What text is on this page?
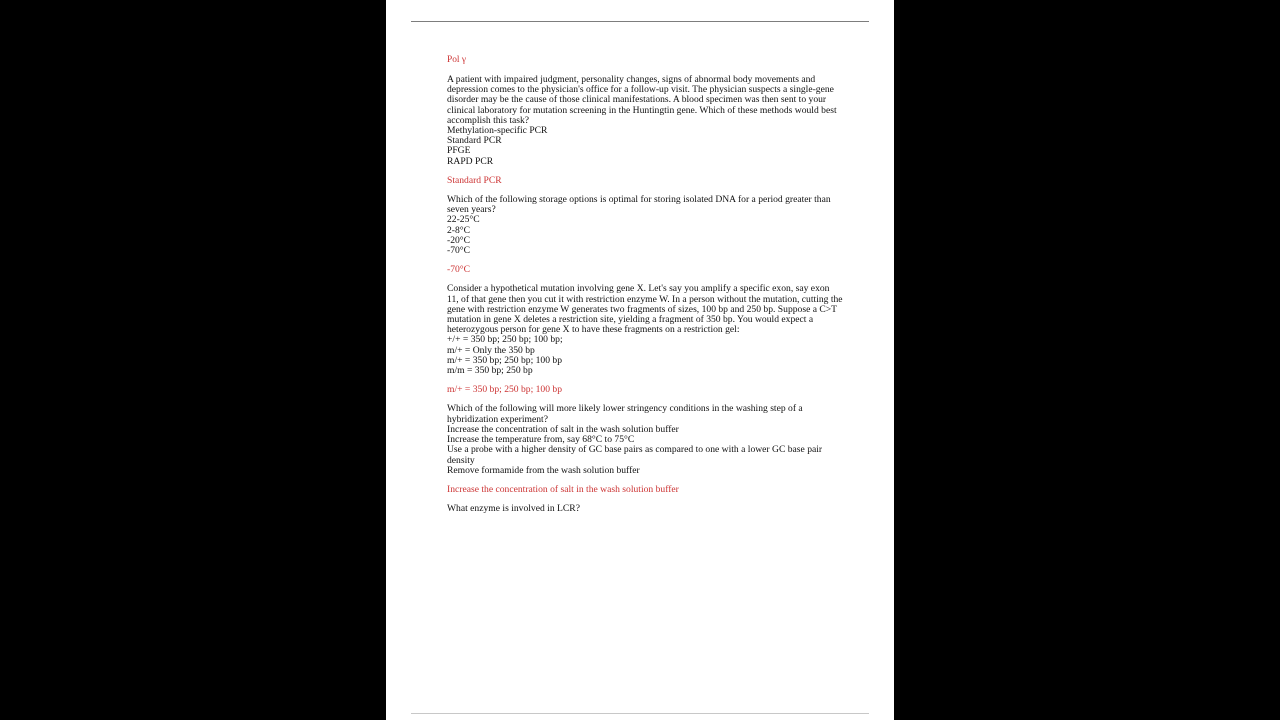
Pol γ

A patient with impaired judgment, personality changes, signs of abnormal body movements and depression comes to the physician's office for a follow-up visit. The physician suspects a single-gene disorder may be the cause of those clinical manifestations. A blood specimen was then sent to your clinical laboratory for mutation screening in the Huntingtin gene. Which of these methods would best accomplish this task?

Methylation-specific PCR
Standard PCR
PFGE
RAPD PCR

Standard PCR

Which of the following storage options is optimal for storing isolated DNA for a period greater than seven years?

22-25°C
2-8°C
-20°C
-70°C

-70°C

Consider a hypothetical mutation involving gene X. Let's say you amplify a specific exon, say exon 11, of that gene then you cut it with restriction enzyme W. In a person without the mutation, cutting the gene with restriction enzyme W generates two fragments of sizes, 100 bp and 250 bp. Suppose a C>T mutation in gene X deletes a restriction site, yielding a fragment of 350 bp. You would expect a heterozygous person for gene X to have these fragments on a restriction gel:

+/+ = 350 bp; 250 bp; 100 bp;
m/+ = Only the 350 bp
m/+ = 350 bp; 250 bp; 100 bp
m/m = 350 bp; 250 bp

m/+ = 350 bp; 250 bp; 100 bp

Which of the following will more likely lower stringency conditions in the washing step of a hybridization experiment?

Increase the concentration of salt in the wash solution buffer
Increase the temperature from, say 68°C to 75°C
Use a probe with a higher density of GC base pairs as compared to one with a lower GC base pair density
Remove formamide from the wash solution buffer

Increase the concentration of salt in the wash solution buffer

What enzyme is involved in LCR?
